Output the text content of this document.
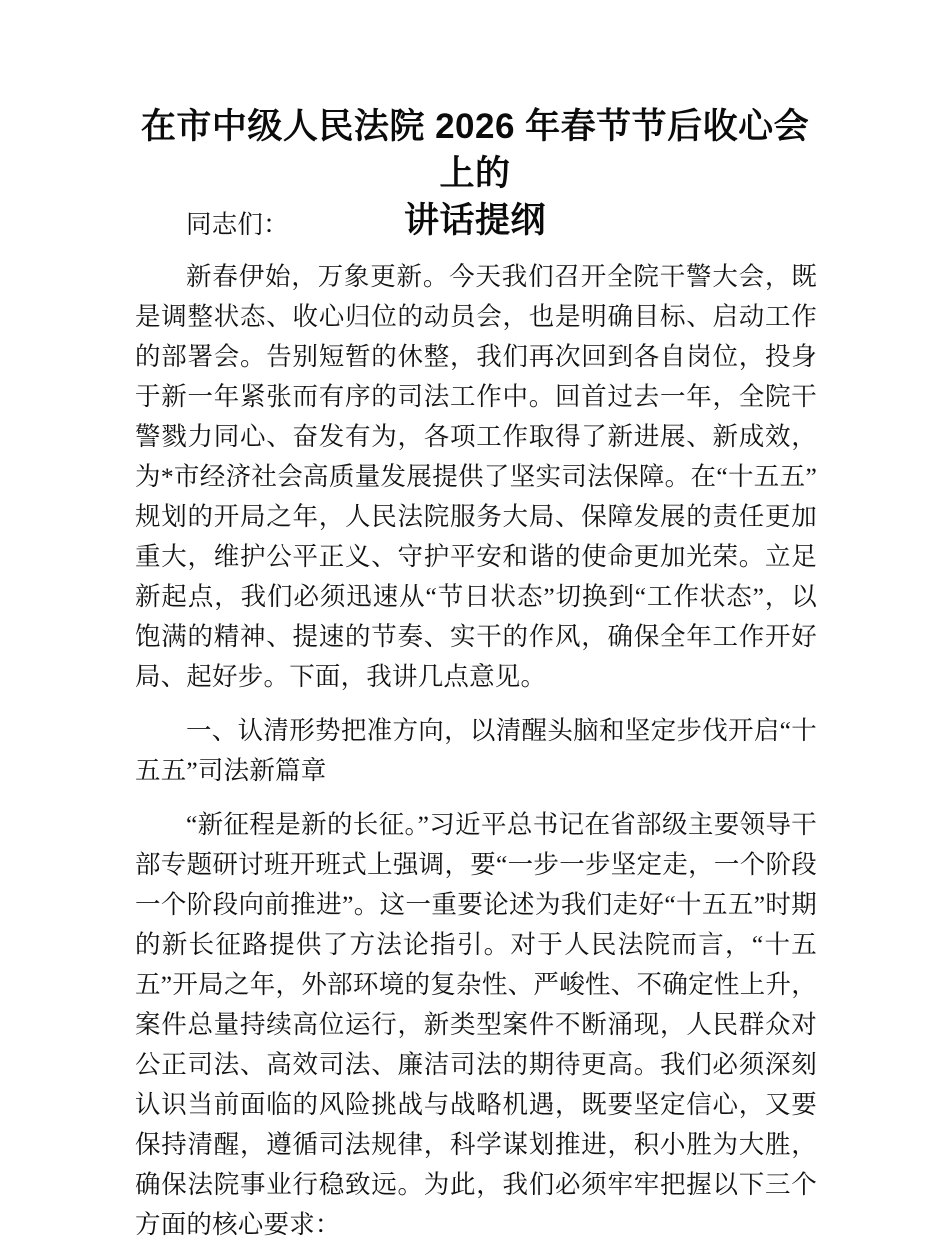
在市中级人民法院 2026 年春节节后收心会上的
讲话提纲

同志们：

新春伊始，万象更新。今天我们召开全院干警大会，既是调整状态、收心归位的动员会，也是明确目标、启动工作的部署会。告别短暂的休整，我们再次回到各自岗位，投身于新一年紧张而有序的司法工作中。回首过去一年，全院干警戮力同心、奋发有为，各项工作取得了新进展、新成效，为*市经济社会高质量发展提供了坚实司法保障。在“十五五”规划的开局之年，人民法院服务大局、保障发展的责任更加重大，维护公平正义、守护平安和谐的使命更加光荣。立足新起点，我们必须迅速从“节日状态”切换到“工作状态”，以饱满的精神、提速的节奏、实干的作风，确保全年工作开好局、起好步。下面，我讲几点意见。

一、认清形势把准方向，以清醒头脑和坚定步伐开启“十五五”司法新篇章

“新征程是新的长征。”习近平总书记在省部级主要领导干部专题研讨班开班式上强调，要“一步一步坚定走，一个阶段一个阶段向前推进”。这一重要论述为我们走好“十五五”时期的新长征路提供了方法论指引。对于人民法院而言，“十五五”开局之年，外部环境的复杂性、严峻性、不确定性上升，案件总量持续高位运行，新类型案件不断涌现，人民群众对公正司法、高效司法、廉洁司法的期待更高。我们必须深刻认识当前面临的风险挑战与战略机遇，既要坚定信心，又要保持清醒，遵循司法规律，科学谋划推进，积小胜为大胜，确保法院事业行稳致远。为此，我们必须牢牢把握以下三个方面的核心要求：
